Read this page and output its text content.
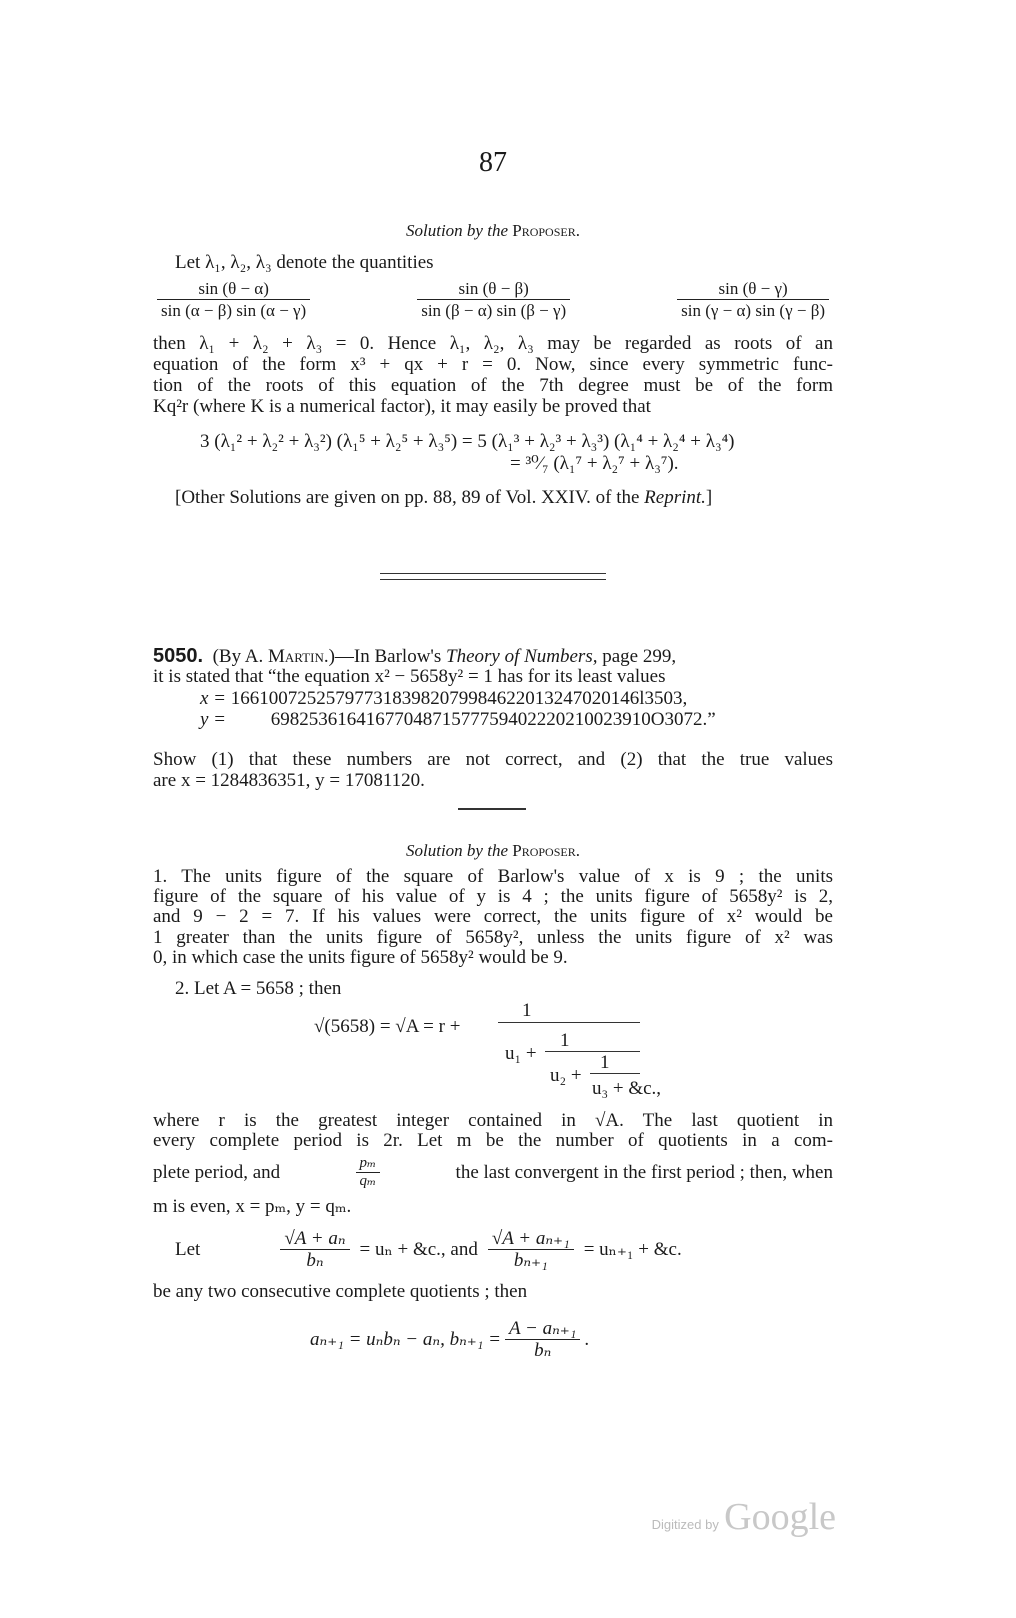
87
Solution by the Proposer.
Let λ₁, λ₂, λ₃ denote the quantities
$\frac{\sin (\theta - \alpha)}{\sin (\alpha - \beta) \sin (\alpha - \gamma)}$	$\frac{\sin (\theta - \beta)}{\sin (\beta - \alpha) \sin (\beta - \gamma)}$	$\frac{\sin (\theta - \gamma)}{\sin (\gamma - \alpha) \sin (\gamma - \beta)}$
then λ₁ + λ₂ + λ₃ = 0. Hence λ₁, λ₂, λ₃ may be regarded as roots of an
equation of the form x³ + qx + r = 0. Now, since every symmetric func-
tion of the roots of this equation of the 7th degree must be of the form
Kq²r (where K is a numerical factor), it may easily be proved that
3 (λ₁² + λ₂² + λ₃²) (λ₁⁵ + λ₂⁵ + λ₃⁵) = 5 (λ₁³ + λ₂³ + λ₃³) (λ₁⁴ + λ₂⁴ + λ₃⁴)
= ³⁰⁄₇ (λ₁⁷ + λ₂⁷ + λ₃⁷).
[Other Solutions are given on pp. 88, 89 of Vol. XXIV. of the Reprint.]
5050. (By A. Martin.)—In Barlow's Theory of Numbers, page 299,
it is stated that “the equation x² − 5658y² = 1 has for its least values
x = 1661007252579773183982079984622013247020146l3503,
y = 6982536164167704871577759402220210023910O3072.”
Show (1) that these numbers are not correct, and (2) that the true values
are x = 1284836351, y = 17081120.
Solution by the Proposer.
1. The units figure of the square of Barlow's value of x is 9 ; the units
figure of the square of his value of y is 4 ; the units figure of 5658y² is 2,
and 9 − 2 = 7. If his values were correct, the units figure of x² would be
1 greater than the units figure of 5658y², unless the units figure of x² was
0, in which case the units figure of 5658y² would be 9.
2. Let A = 5658 ; then
√(5658) = √A = r +
1
u₁ +
1
u₂ +
1
u₃ + &c.,
where r is the greatest integer contained in √A. The last quotient in
every complete period is 2r. Let m be the number of quotients in a com-
plete period, and	$\frac{\text{pₘ}}{\text{qₘ}}$	the last convergent in the first period ; then, when
m is even, x = pₘ, y = qₘ.
Let	$\frac{\text{√A + aₙ}}{\text{bₙ}} = u_n$ + &c., and $\frac{\text{√A + aₙ₊₁}}{\text{bₙ₊₁}} = u_{n+1}$ + &c.
be any two consecutive complete quotients ; then
aₙ₊₁ = uₙbₙ − aₙ, $b_{n+1} = \frac{\text{A − aₙ₊₁}}{\text{bₙ}}$ .
Digitized by Google
